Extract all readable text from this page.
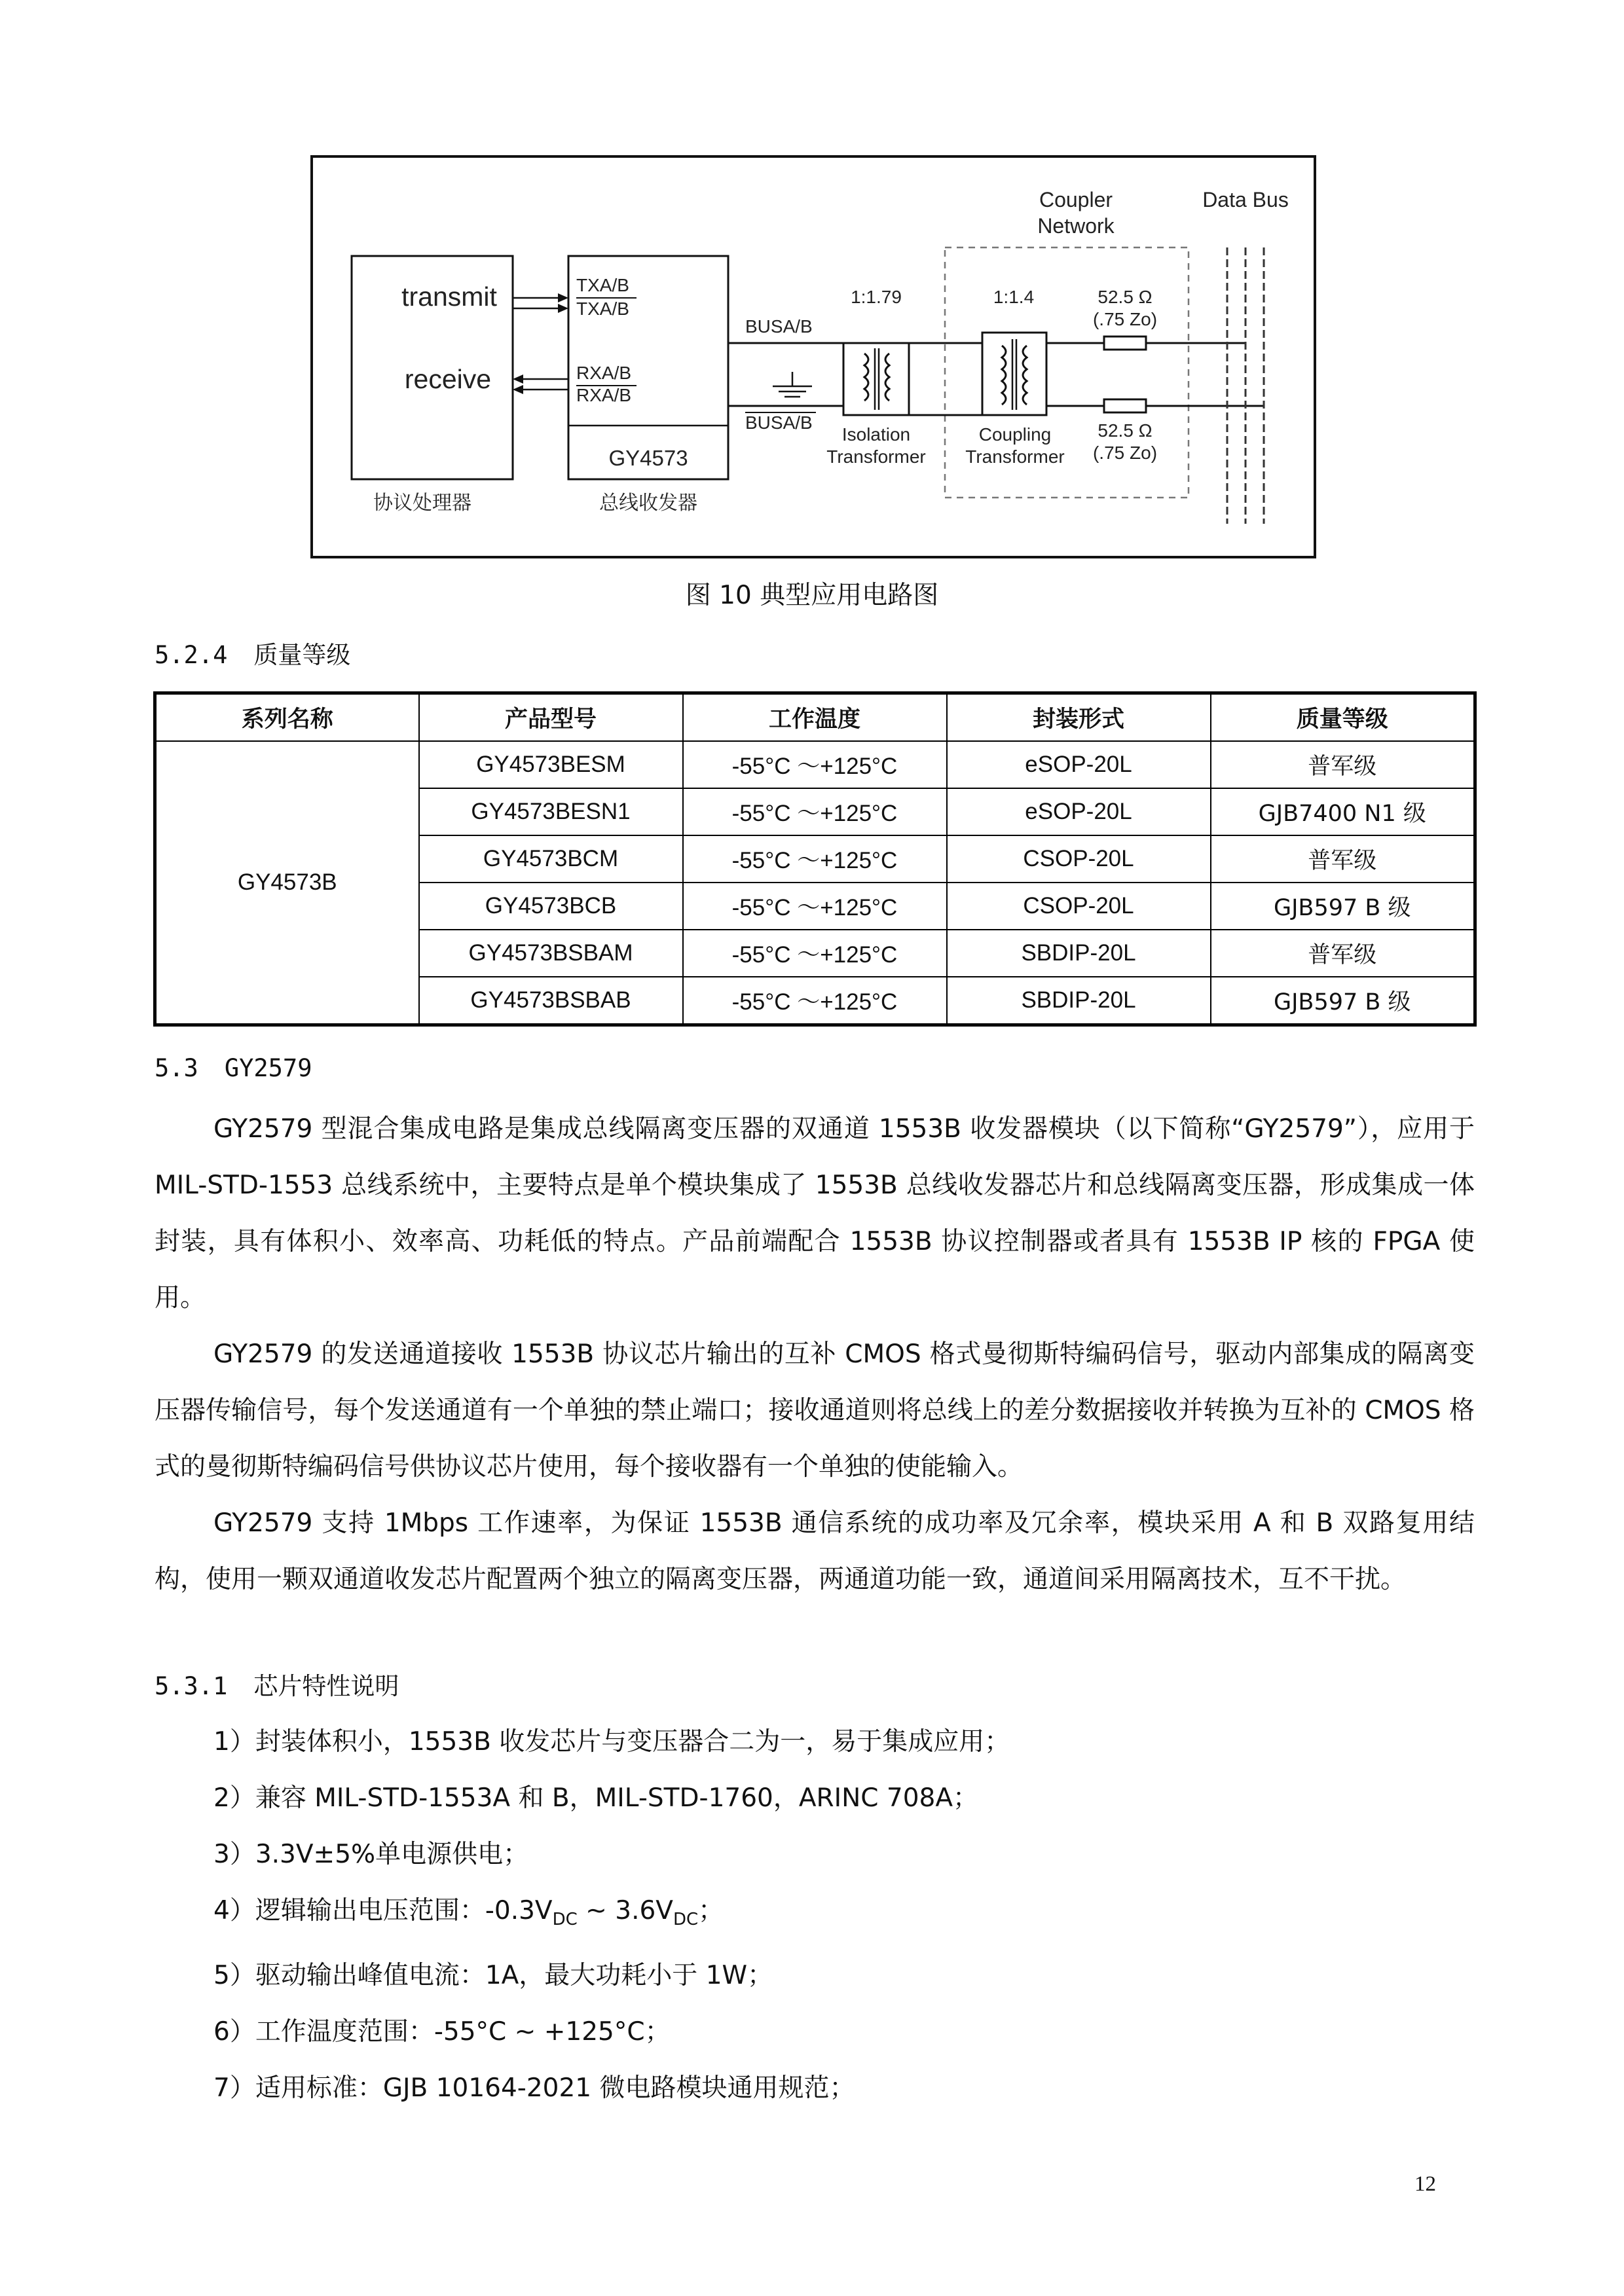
Coupler
Network
Data Bus
transmit
receive
TXA/B
TXA/B
RXA/B
RXA/B
GY4573
BUSA/B
BUSA/B
1:1.79
Isolation
Transformer
1:1.4
Coupling
Transformer
52.5 Ω
(.75 Zo)
52.5 Ω
(.75 Zo)
协议处理器	总线收发器
图 10 典型应用电路图
5.2.4 质量等级
系列名称	产品型号	工作温度	封装形式	质量等级
GY4573B	GY4573BESM	-55°C ～+125°C	eSOP-20L	普军级
	GY4573BESN1	-55°C ～+125°C	eSOP-20L	GJB7400 N1 级
	GY4573BCM	-55°C ～+125°C	CSOP-20L	普军级
	GY4573BCB	-55°C ～+125°C	CSOP-20L	GJB597 B 级
	GY4573BSBAM	-55°C ～+125°C	SBDIP-20L	普军级
	GY4573BSBAB	-55°C ～+125°C	SBDIP-20L	GJB597 B 级
5.3 GY2579
GY2579 型混合集成电路是集成总线隔离变压器的双通道 1553B 收发器模块（以下简称“GY2579”），应用于 MIL-STD-1553 总线系统中，主要特点是单个模块集成了 1553B 总线收发器芯片和总线隔离变压器，形成集成一体封装，具有体积小、效率高、功耗低的特点。产品前端配合 1553B 协议控制器或者具有 1553B IP 核的 FPGA 使用。
GY2579 的发送通道接收 1553B 协议芯片输出的互补 CMOS 格式曼彻斯特编码信号，驱动内部集成的隔离变压器传输信号，每个发送通道有一个单独的禁止端口；接收通道则将总线上的差分数据接收并转换为互补的 CMOS 格式的曼彻斯特编码信号供协议芯片使用，每个接收器有一个单独的使能输入。
GY2579 支持 1Mbps 工作速率，为保证 1553B 通信系统的成功率及冗余率，模块采用 A 和 B 双路复用结构，使用一颗双通道收发芯片配置两个独立的隔离变压器，两通道功能一致，通道间采用隔离技术，互不干扰。
5.3.1 芯片特性说明
1）封装体积小，1553B 收发芯片与变压器合二为一，易于集成应用；
2）兼容 MIL-STD-1553A 和 B，MIL-STD-1760，ARINC 708A；
3）3.3V±5%单电源供电；
4）逻辑输出电压范围：$-0.3V_{DC}$ ~ $3.6V_{DC}$；
5）驱动输出峰值电流：1A，最大功耗小于 1W；
6）工作温度范围：-55°C ~ +125°C；
7）适用标准：GJB 10164-2021 微电路模块通用规范；
12
